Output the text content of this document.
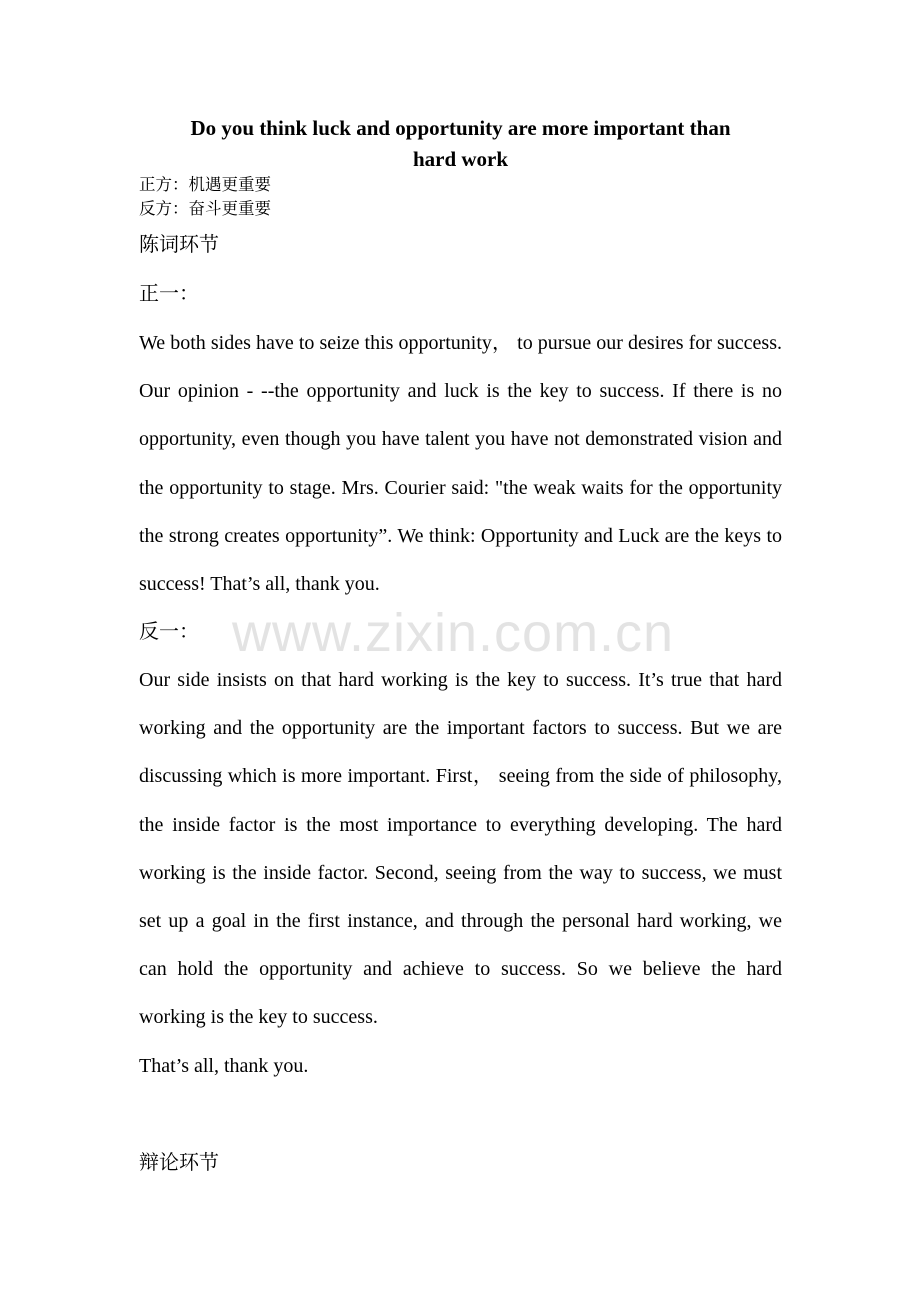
www.zixin.com.cn
Do you think luck and opportunity are more important than
hard work
正方：机遇更重要
反方：奋斗更重要
陈词环节
正一：
We both sides have to seize this opportunity， to pursue our desires for success. Our opinion - --the opportunity and luck is the key to success. If there is no opportunity, even though you have talent you have not demonstrated vision and the opportunity to stage. Mrs. Courier said: "the weak waits for the opportunity the strong creates opportunity”. We think: Opportunity and Luck are the keys to success! That’s all, thank you.
反一：
Our side insists on that hard working is the key to success. It’s true that hard working and the opportunity are the important factors to success. But we are discussing which is more important. First， seeing from the side of philosophy, the inside factor is the most importance to everything developing. The hard working is the inside factor. Second, seeing from the way to success, we must set up a goal in the first instance, and through the personal hard working, we can hold the opportunity and achieve to success. So we believe the hard working is the key to success.
That’s all, thank you.
辩论环节
